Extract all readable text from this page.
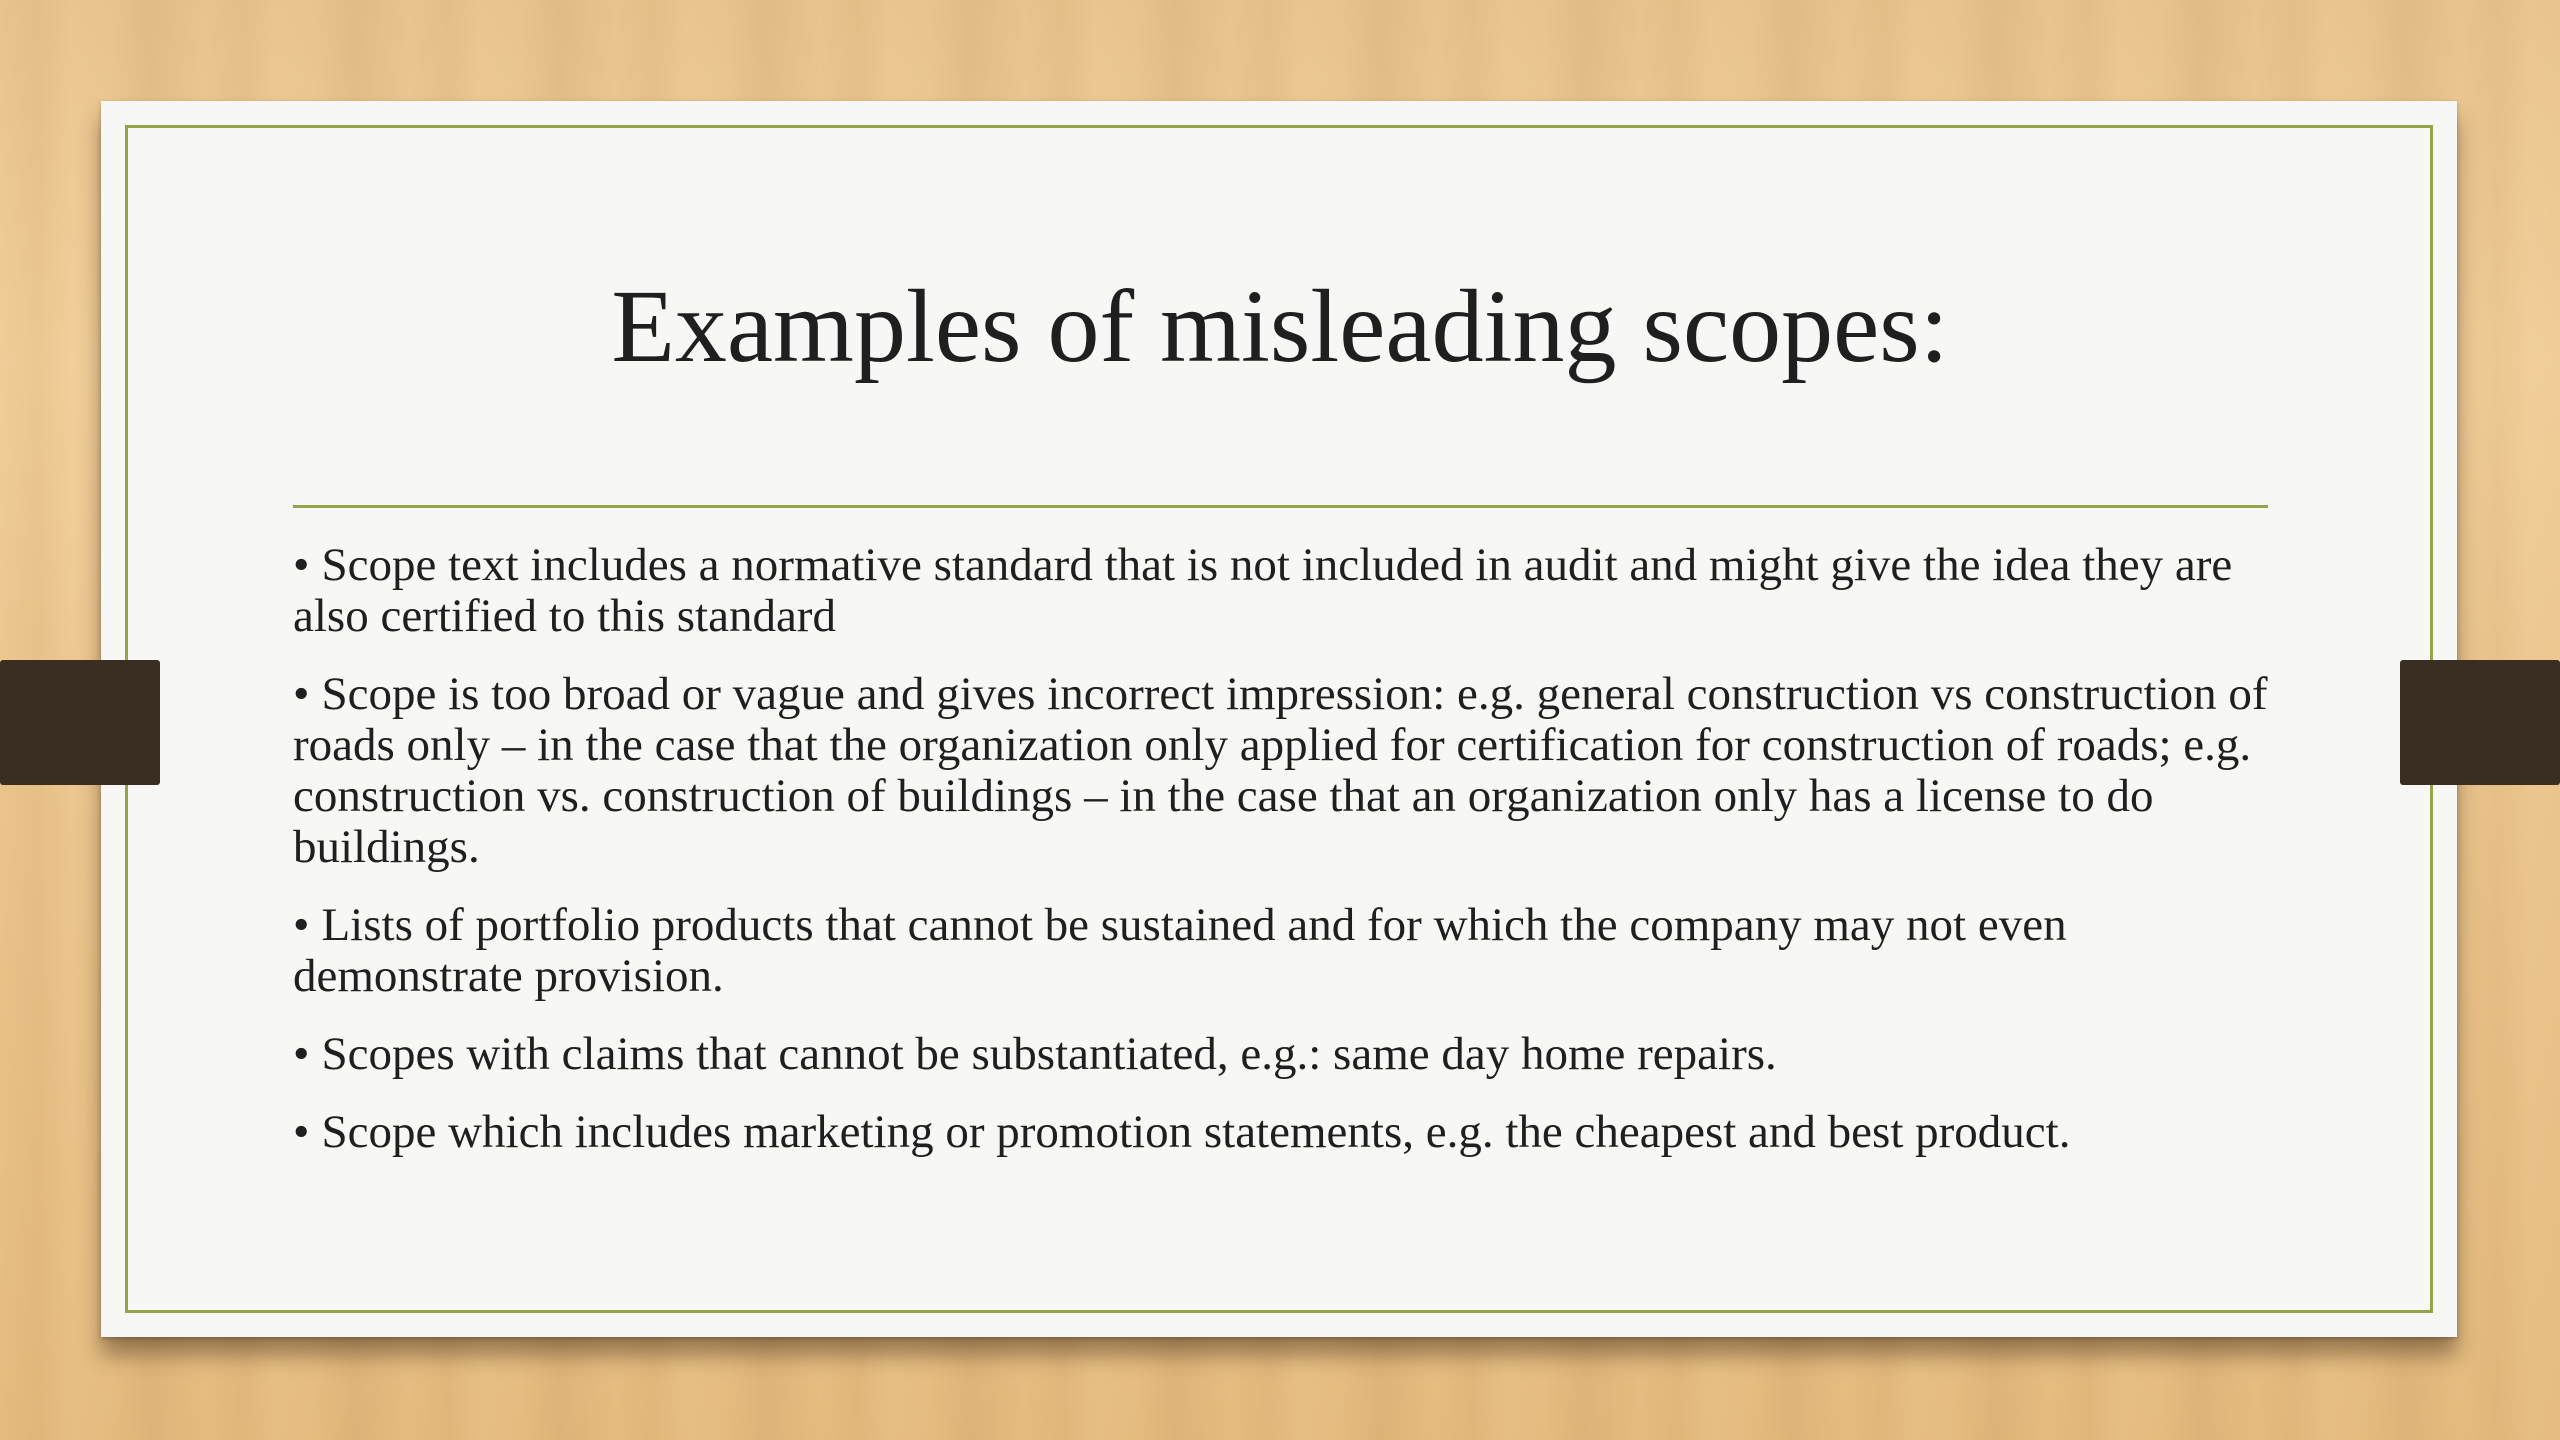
Examples of misleading scopes:
• Scope text includes a normative standard that is not included in audit and might give the idea they are also certified to this standard
• Scope is too broad or vague and gives incorrect impression: e.g. general construction vs construction of roads only – in the case that the organization only applied for certification for construction of roads; e.g. construction vs. construction of buildings – in the case that an organization only has a license to do buildings.
• Lists of portfolio products that cannot be sustained and for which the company may not even demonstrate provision.
• Scopes with claims that cannot be substantiated, e.g.: same day home repairs.
• Scope which includes marketing or promotion statements, e.g. the cheapest and best product.
